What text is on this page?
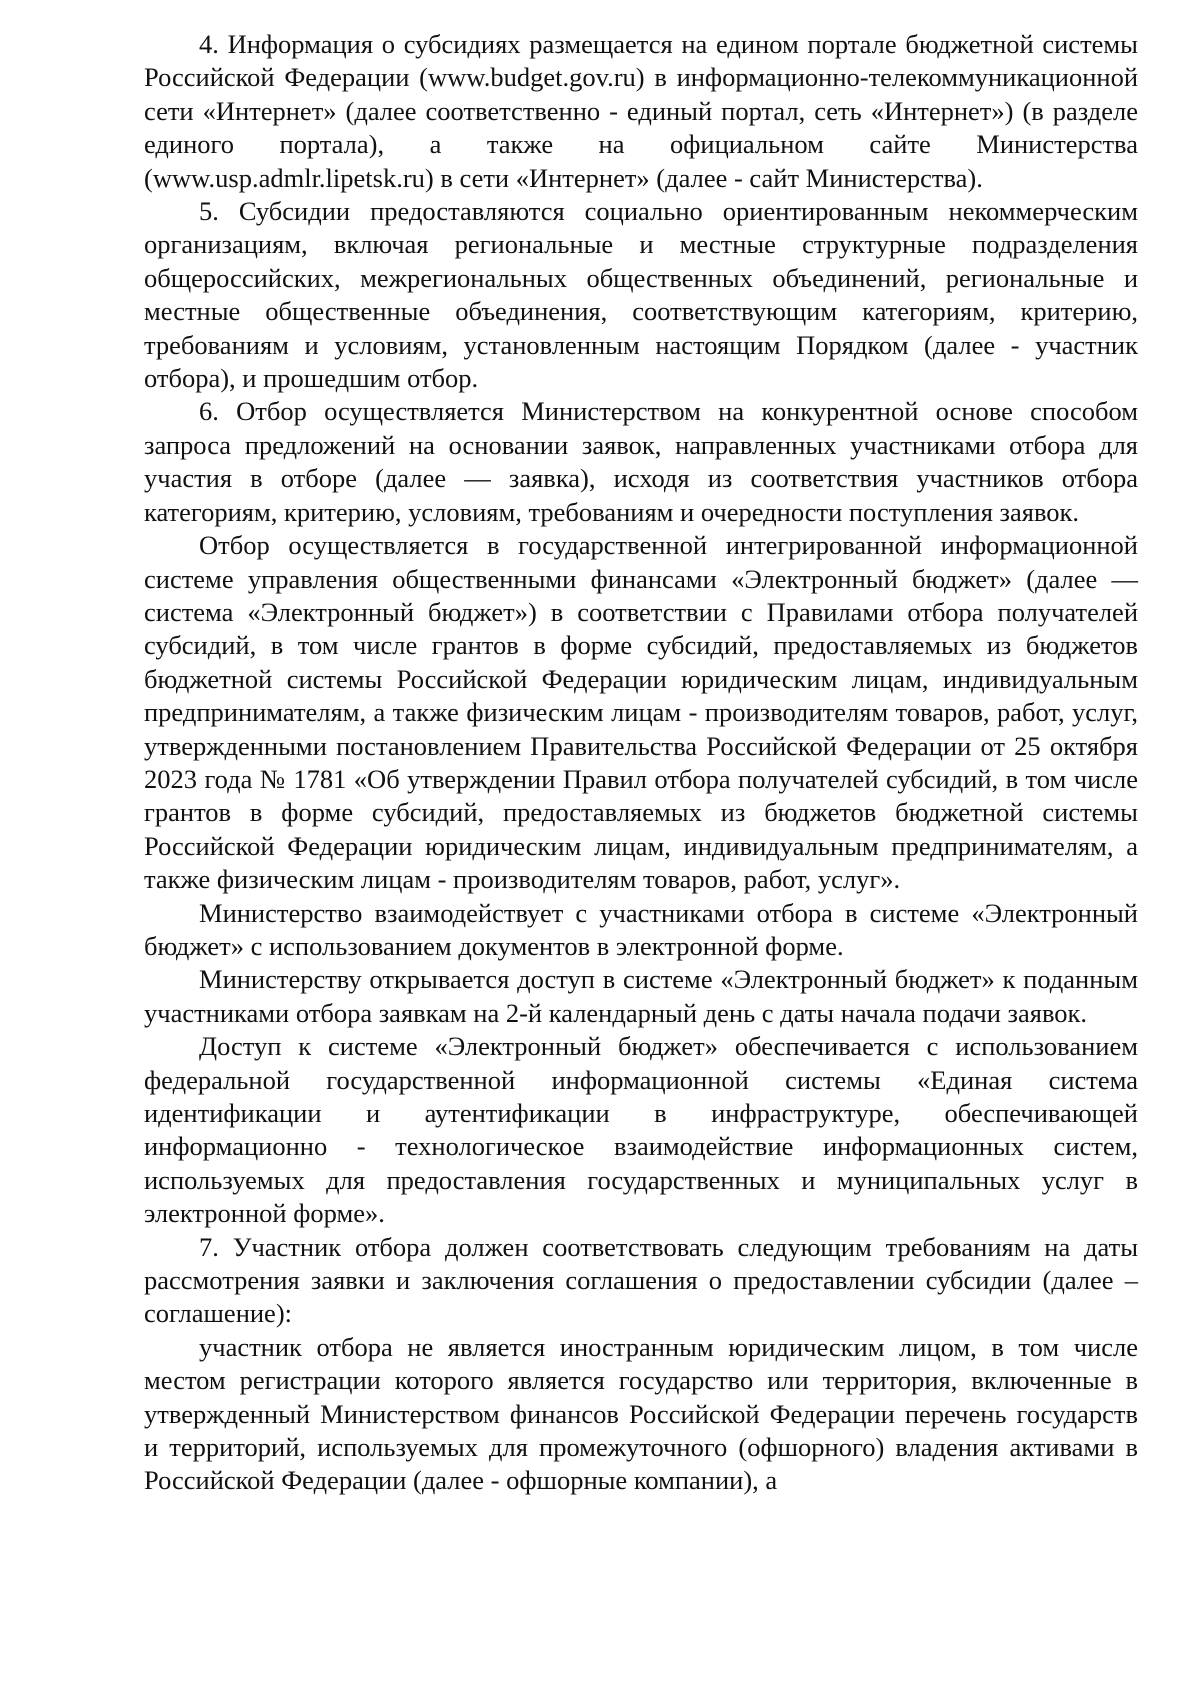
4. Информация о субсидиях размещается на едином портале бюджетной системы Российской Федерации (www.budget.gov.ru) в информационно-телекоммуникационной сети «Интернет» (далее соответственно - единый портал, сеть «Интернет») (в разделе единого портала), а также на официальном сайте Министерства (www.usp.admlr.lipetsk.ru) в сети «Интернет» (далее - сайт Министерства).

5. Субсидии предоставляются социально ориентированным некоммерческим организациям, включая региональные и местные структурные подразделения общероссийских, межрегиональных общественных объединений, региональные и местные общественные объединения, соответствующим категориям, критерию, требованиям и условиям, установленным настоящим Порядком (далее - участник отбора), и прошедшим отбор.

6. Отбор осуществляется Министерством на конкурентной основе способом запроса предложений на основании заявок, направленных участниками отбора для участия в отборе (далее — заявка), исходя из соответствия участников отбора категориям, критерию, условиям, требованиям и очередности поступления заявок.

Отбор осуществляется в государственной интегрированной информационной системе управления общественными финансами «Электронный бюджет» (далее — система «Электронный бюджет») в соответствии с Правилами отбора получателей субсидий, в том числе грантов в форме субсидий, предоставляемых из бюджетов бюджетной системы Российской Федерации юридическим лицам, индивидуальным предпринимателям, а также физическим лицам - производителям товаров, работ, услуг, утвержденными постановлением Правительства Российской Федерации от 25 октября 2023 года № 1781 «Об утверждении Правил отбора получателей субсидий, в том числе грантов в форме субсидий, предоставляемых из бюджетов бюджетной системы Российской Федерации юридическим лицам, индивидуальным предпринимателям, а также физическим лицам - производителям товаров, работ, услуг».

Министерство взаимодействует с участниками отбора в системе «Электронный бюджет» с использованием документов в электронной форме.

Министерству открывается доступ в системе «Электронный бюджет» к поданным участниками отбора заявкам на 2-й календарный день с даты начала подачи заявок.

Доступ к системе «Электронный бюджет» обеспечивается с использованием федеральной государственной информационной системы «Единая система идентификации и аутентификации в инфраструктуре, обеспечивающей информационно - технологическое взаимодействие информационных систем, используемых для предоставления государственных и муниципальных услуг в электронной форме».

7. Участник отбора должен соответствовать следующим требованиям на даты рассмотрения заявки и заключения соглашения о предоставлении субсидии (далее – соглашение):

участник отбора не является иностранным юридическим лицом, в том числе местом регистрации которого является государство или территория, включенные в утвержденный Министерством финансов Российской Федерации перечень государств и территорий, используемых для промежуточного (офшорного) владения активами в Российской Федерации (далее - офшорные компании), а
